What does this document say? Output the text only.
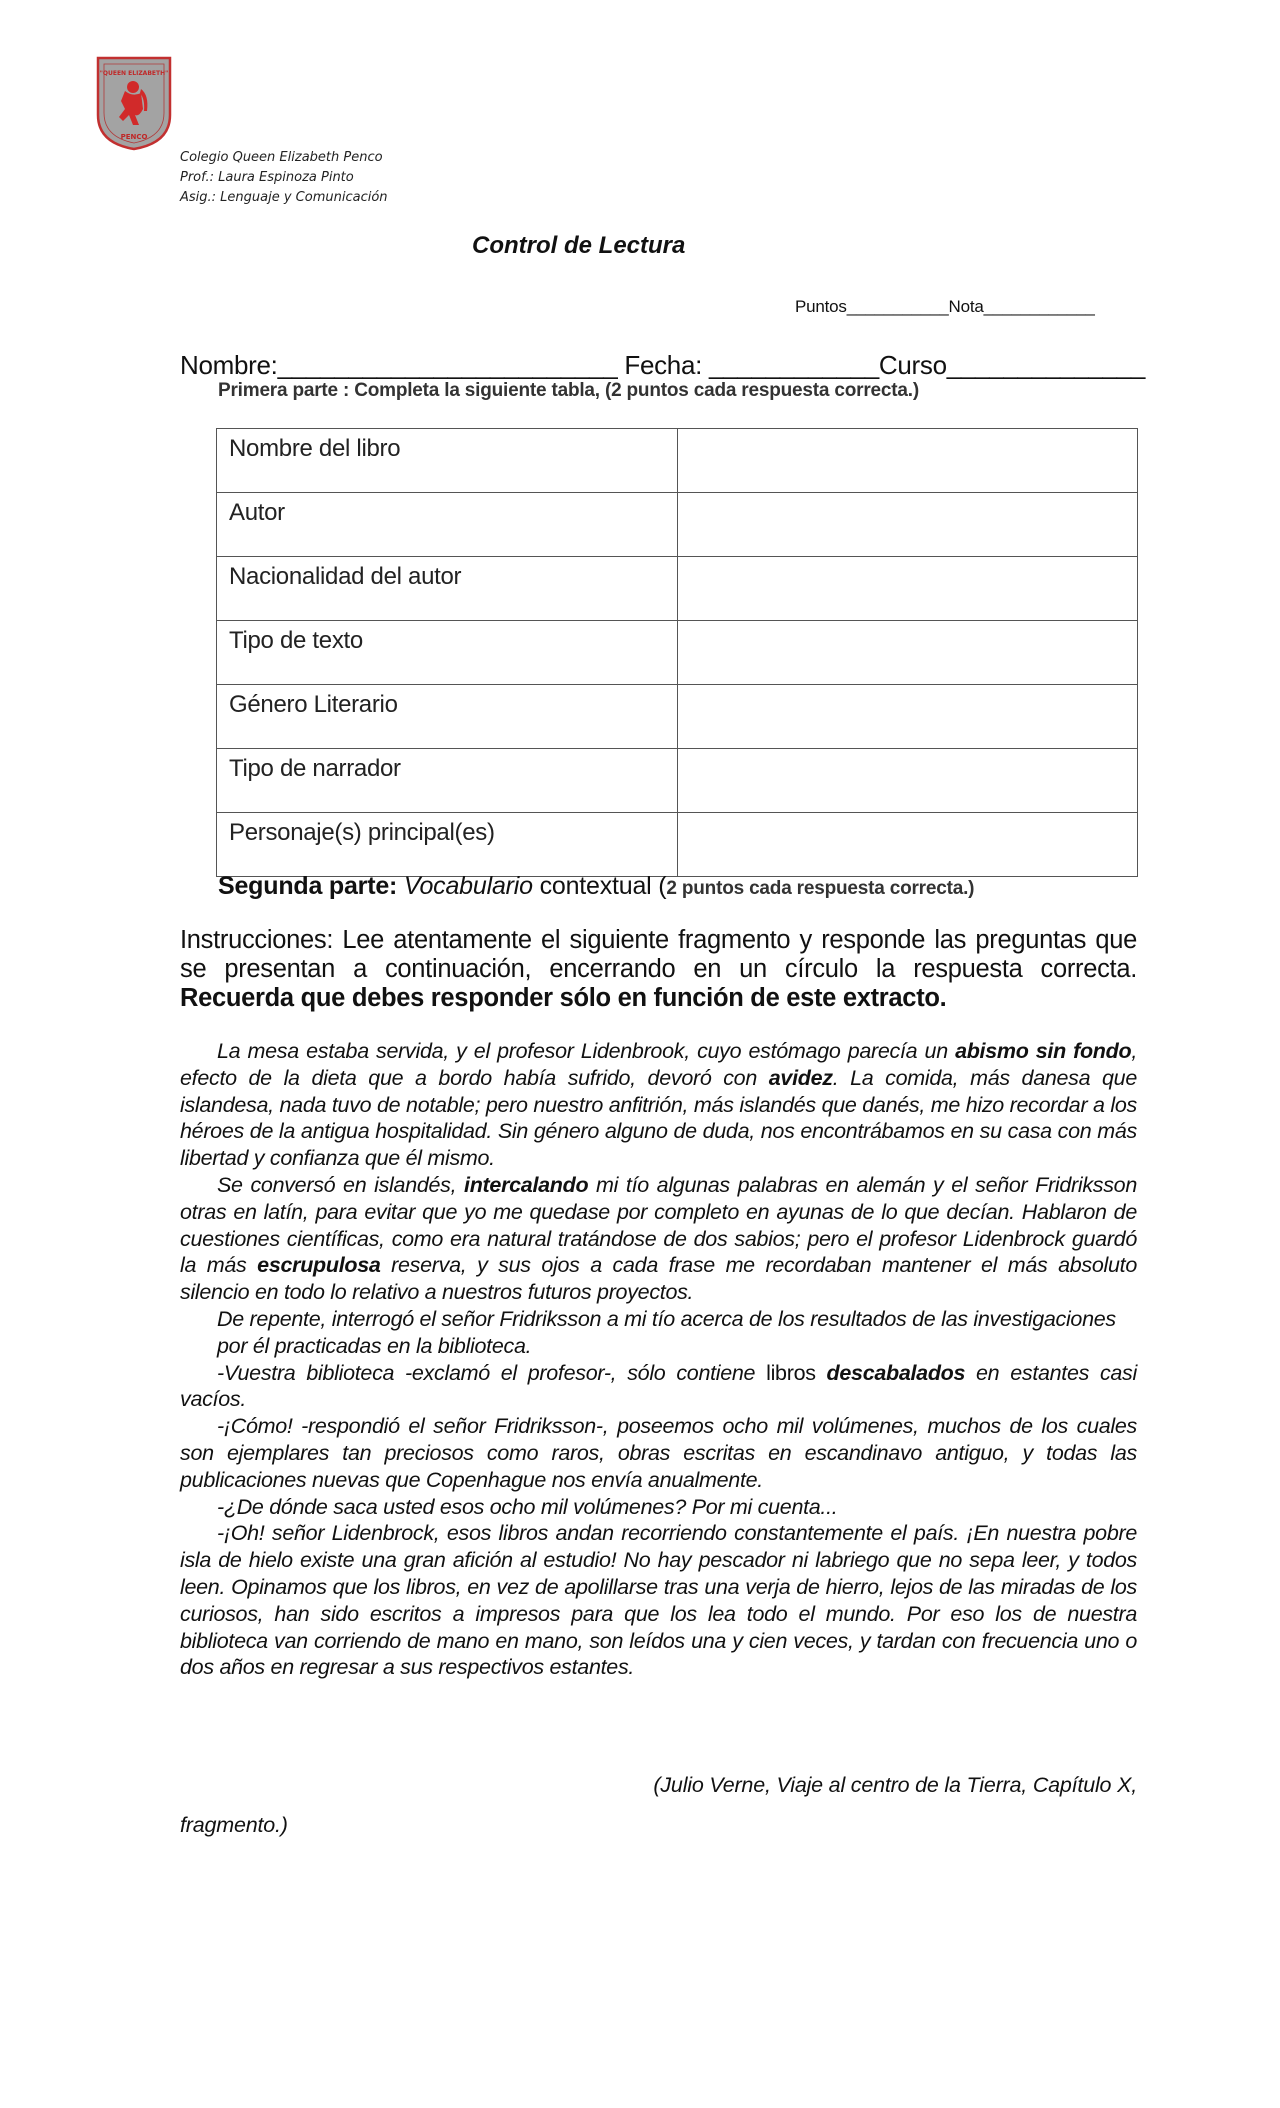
"QUEEN ELIZABETH"
PENCO
Colegio Queen Elizabeth Penco
Prof.: Laura Espinoza Pinto
Asig.: Lenguaje y Comunicación
Control de Lectura
Puntos___________Nota____________
Nombre:________________________ Fecha: ____________Curso______________
Primera parte : Completa la siguiente tabla, (2 puntos cada respuesta correcta.)
Nombre del libro	
Autor	
Nacionalidad del autor	
Tipo de texto	
Género Literario	
Tipo de narrador	
Personaje(s) principal(es)	
Segunda parte: Vocabulario contextual (2 puntos cada respuesta correcta.)
Instrucciones: Lee atentamente el siguiente fragmento y responde las preguntas que se presentan a continuación, encerrando en un círculo la respuesta correcta. Recuerda que debes responder sólo en función de este extracto.

La mesa estaba servida, y el profesor Lidenbrook, cuyo estómago parecía un abismo sin fondo, efecto de la dieta que a bordo había sufrido, devoró con avidez. La comida, más danesa que islandesa, nada tuvo de notable; pero nuestro anfitrión, más islandés que danés, me hizo recordar a los héroes de la antigua hospitalidad. Sin género alguno de duda, nos encontrábamos en su casa con más libertad y confianza que él mismo.

Se conversó en islandés, intercalando mi tío algunas palabras en alemán y el señor Fridriksson otras en latín, para evitar que yo me quedase por completo en ayunas de lo que decían. Hablaron de cuestiones científicas, como era natural tratándose de dos sabios; pero el profesor Lidenbrock guardó la más escrupulosa reserva, y sus ojos a cada frase me recordaban mantener el más absoluto silencio en todo lo relativo a nuestros futuros proyectos.

De repente, interrogó el señor Fridriksson a mi tío acerca de los resultados de las investigaciones

por él practicadas en la biblioteca.

-Vuestra biblioteca -exclamó el profesor-, sólo contiene libros descabalados en estantes casi vacíos.

-¡Cómo! -respondió el señor Fridriksson-, poseemos ocho mil volúmenes, muchos de los cuales son ejemplares tan preciosos como raros, obras escritas en escandinavo antiguo, y todas las publicaciones nuevas que Copenhague nos envía anualmente.

-¿De dónde saca usted esos ocho mil volúmenes? Por mi cuenta...

-¡Oh! señor Lidenbrock, esos libros andan recorriendo constantemente el país. ¡En nuestra pobre isla de hielo existe una gran afición al estudio! No hay pescador ni labriego que no sepa leer, y todos leen. Opinamos que los libros, en vez de apolillarse tras una verja de hierro, lejos de las miradas de los curiosos, han sido escritos a impresos para que los lea todo el mundo. Por eso los de nuestra biblioteca van corriendo de mano en mano, son leídos una y cien veces, y tardan con frecuencia uno o dos años en regresar a sus respectivos estantes.

(Julio Verne, Viaje al centro de la Tierra, Capítulo X,
fragmento.)
